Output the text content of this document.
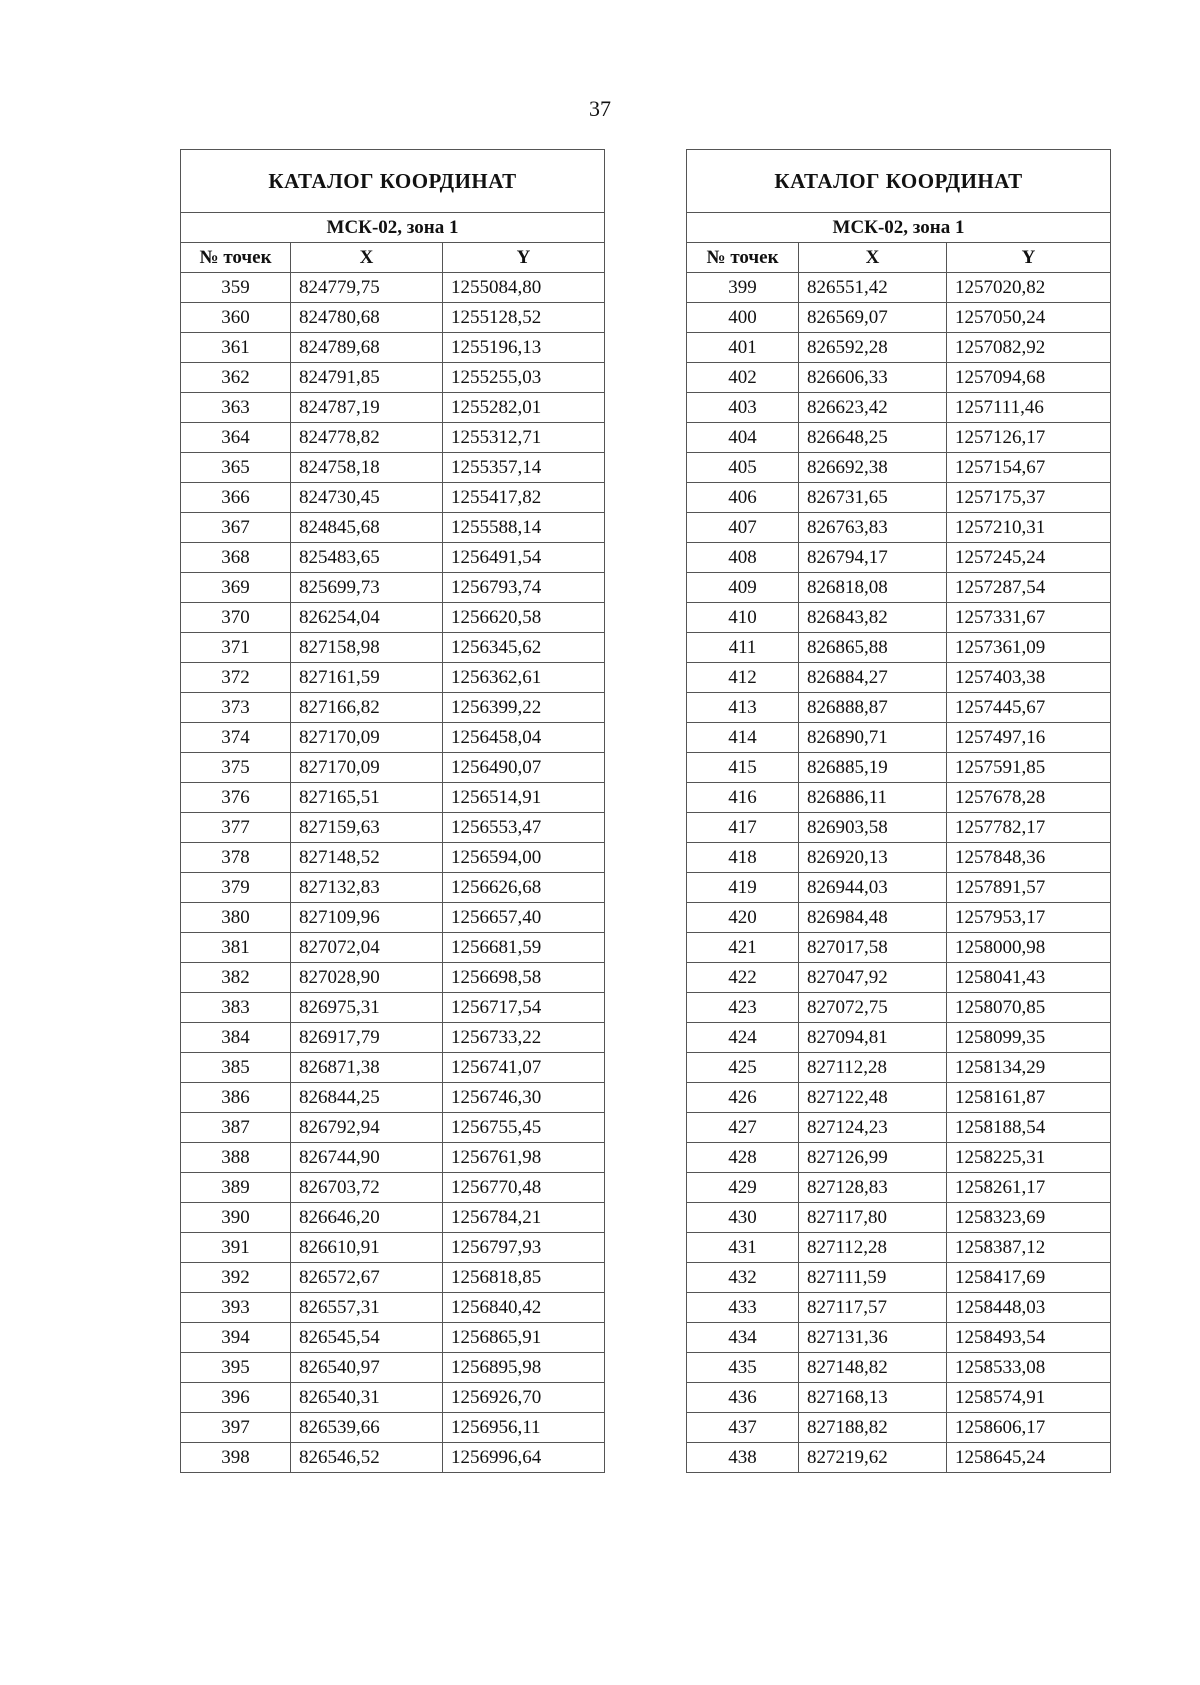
37
КАТАЛОГ КООРДИНАТ		
МСК-02, зона 1		
№ точек	X	Y
359	824779,75	1255084,80
360	824780,68	1255128,52
361	824789,68	1255196,13
362	824791,85	1255255,03
363	824787,19	1255282,01
364	824778,82	1255312,71
365	824758,18	1255357,14
366	824730,45	1255417,82
367	824845,68	1255588,14
368	825483,65	1256491,54
369	825699,73	1256793,74
370	826254,04	1256620,58
371	827158,98	1256345,62
372	827161,59	1256362,61
373	827166,82	1256399,22
374	827170,09	1256458,04
375	827170,09	1256490,07
376	827165,51	1256514,91
377	827159,63	1256553,47
378	827148,52	1256594,00
379	827132,83	1256626,68
380	827109,96	1256657,40
381	827072,04	1256681,59
382	827028,90	1256698,58
383	826975,31	1256717,54
384	826917,79	1256733,22
385	826871,38	1256741,07
386	826844,25	1256746,30
387	826792,94	1256755,45
388	826744,90	1256761,98
389	826703,72	1256770,48
390	826646,20	1256784,21
391	826610,91	1256797,93
392	826572,67	1256818,85
393	826557,31	1256840,42
394	826545,54	1256865,91
395	826540,97	1256895,98
396	826540,31	1256926,70
397	826539,66	1256956,11
398	826546,52	1256996,64
КАТАЛОГ КООРДИНАТ		
МСК-02, зона 1		
№ точек	X	Y
399	826551,42	1257020,82
400	826569,07	1257050,24
401	826592,28	1257082,92
402	826606,33	1257094,68
403	826623,42	1257111,46
404	826648,25	1257126,17
405	826692,38	1257154,67
406	826731,65	1257175,37
407	826763,83	1257210,31
408	826794,17	1257245,24
409	826818,08	1257287,54
410	826843,82	1257331,67
411	826865,88	1257361,09
412	826884,27	1257403,38
413	826888,87	1257445,67
414	826890,71	1257497,16
415	826885,19	1257591,85
416	826886,11	1257678,28
417	826903,58	1257782,17
418	826920,13	1257848,36
419	826944,03	1257891,57
420	826984,48	1257953,17
421	827017,58	1258000,98
422	827047,92	1258041,43
423	827072,75	1258070,85
424	827094,81	1258099,35
425	827112,28	1258134,29
426	827122,48	1258161,87
427	827124,23	1258188,54
428	827126,99	1258225,31
429	827128,83	1258261,17
430	827117,80	1258323,69
431	827112,28	1258387,12
432	827111,59	1258417,69
433	827117,57	1258448,03
434	827131,36	1258493,54
435	827148,82	1258533,08
436	827168,13	1258574,91
437	827188,82	1258606,17
438	827219,62	1258645,24
